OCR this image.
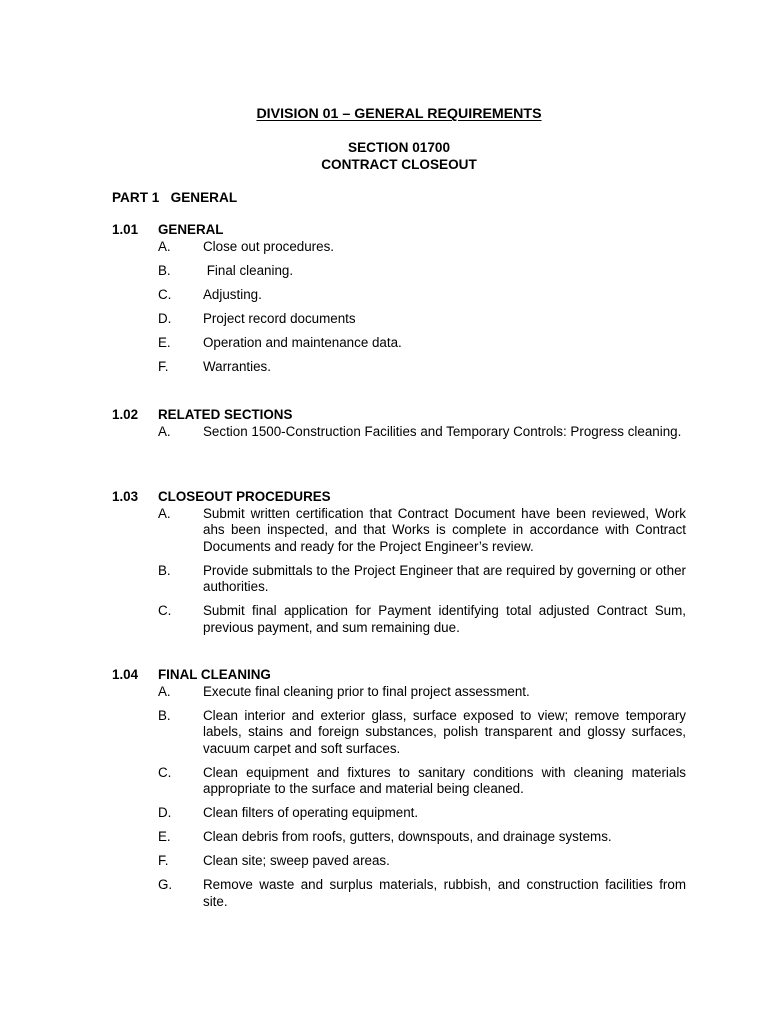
DIVISION 01 – GENERAL REQUIREMENTS
SECTION 01700
CONTRACT CLOSEOUT
PART 1   GENERAL
1.01 GENERAL
A. Close out procedures.
B. Final cleaning.
C. Adjusting.
D. Project record documents
E. Operation and maintenance data.
F.	Warranties.
1.02 RELATED SECTIONS
A. Section 1500-Construction Facilities and Temporary Controls: Progress cleaning.
1.03 CLOSEOUT PROCEDURES
A. Submit written certification that Contract Document have been reviewed, Work ahs been inspected, and that Works is complete in accordance with Contract Documents and ready for the Project Engineer’s review.
B. Provide submittals to the Project Engineer that are required by governing or other authorities.
C. Submit final application for Payment identifying total adjusted Contract Sum, previous payment, and sum remaining due.
1.04 FINAL CLEANING
A. Execute final cleaning prior to final project assessment.
B. Clean interior and exterior glass, surface exposed to view; remove temporary labels, stains and foreign substances, polish transparent and glossy surfaces, vacuum carpet and soft surfaces.
C. Clean equipment and fixtures to sanitary conditions with cleaning materials appropriate to the surface and material being cleaned.
D. Clean filters of operating equipment.
E. Clean debris from roofs, gutters, downspouts, and drainage systems.
F.	Clean site; sweep paved areas.
G. Remove waste and surplus materials, rubbish, and construction facilities from site.
